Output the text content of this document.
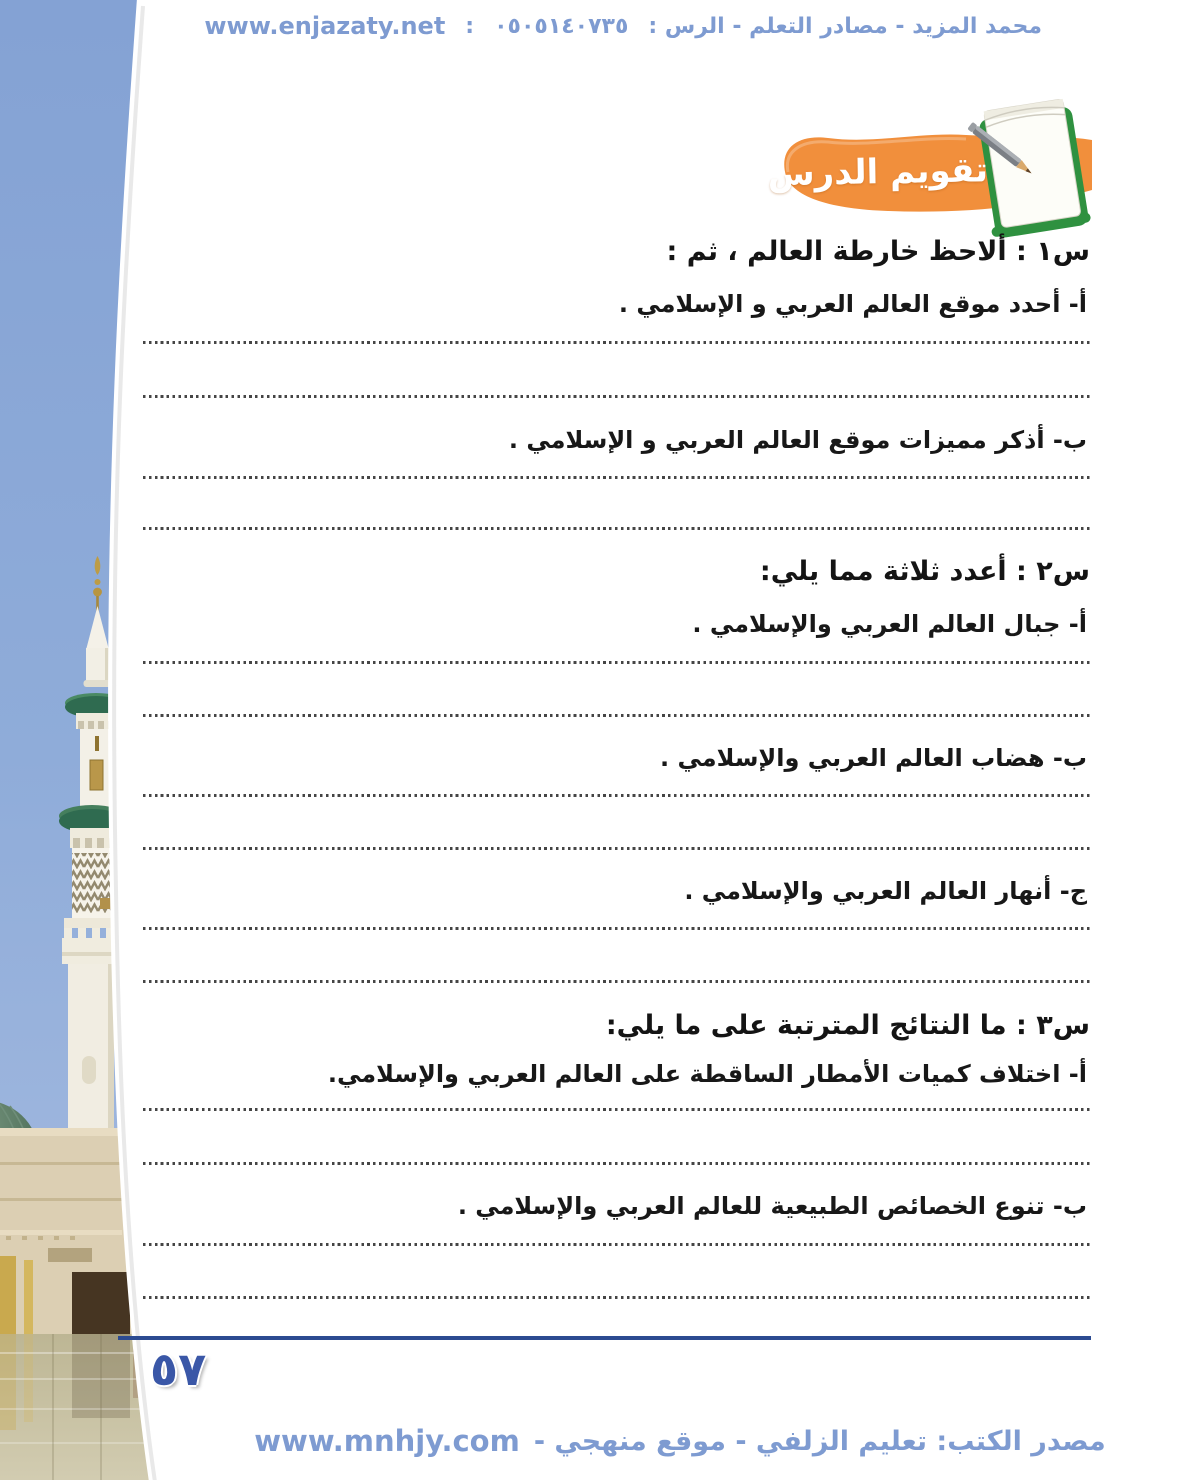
محمد المزيد - مصادر التعلم - الرس :
٠٥٠٥١٤٠٧٣٥
:
www.enjazaty.net
تقويم الدرس
س١ : ألاحظ خارطة العالم ، ثم :
أ- أحدد موقع العالم العربي و الإسلامي .
ب- أذكر مميزات موقع العالم العربي و الإسلامي .
س٢ : أعدد ثلاثة مما يلي:
أ- جبال العالم العربي والإسلامي .
ب- هضاب العالم العربي والإسلامي .
ج- أنهار العالم العربي والإسلامي .
س٣ : ما النتائج المترتبة على ما يلي:
أ- اختلاف كميات الأمطار الساقطة على العالم العربي والإسلامي.
ب- تنوع الخصائص الطبيعية للعالم العربي والإسلامي .
٥٧
مصدر الكتب: تعليم الزلفي - موقع منهجي -
www.mnhjy.com
